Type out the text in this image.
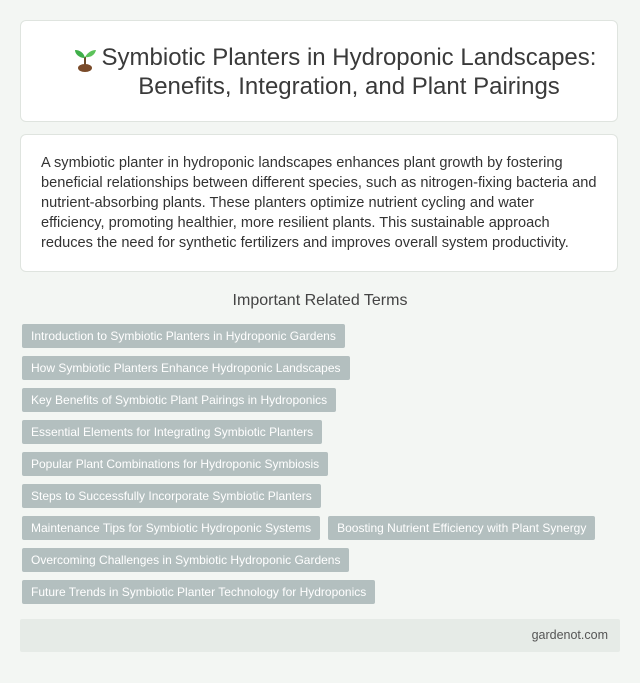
Symbiotic Planters in Hydroponic Landscapes: Benefits, Integration, and Plant Pairings
A symbiotic planter in hydroponic landscapes enhances plant growth by fostering beneficial relationships between different species, such as nitrogen-fixing bacteria and nutrient-absorbing plants. These planters optimize nutrient cycling and water efficiency, promoting healthier, more resilient plants. This sustainable approach reduces the need for synthetic fertilizers and improves overall system productivity.
Important Related Terms
Introduction to Symbiotic Planters in Hydroponic Gardens
How Symbiotic Planters Enhance Hydroponic Landscapes
Key Benefits of Symbiotic Plant Pairings in Hydroponics
Essential Elements for Integrating Symbiotic Planters
Popular Plant Combinations for Hydroponic Symbiosis
Steps to Successfully Incorporate Symbiotic Planters
Maintenance Tips for Symbiotic Hydroponic Systems	Boosting Nutrient Efficiency with Plant Synergy
Overcoming Challenges in Symbiotic Hydroponic Gardens
Future Trends in Symbiotic Planter Technology for Hydroponics
gardenot.com
